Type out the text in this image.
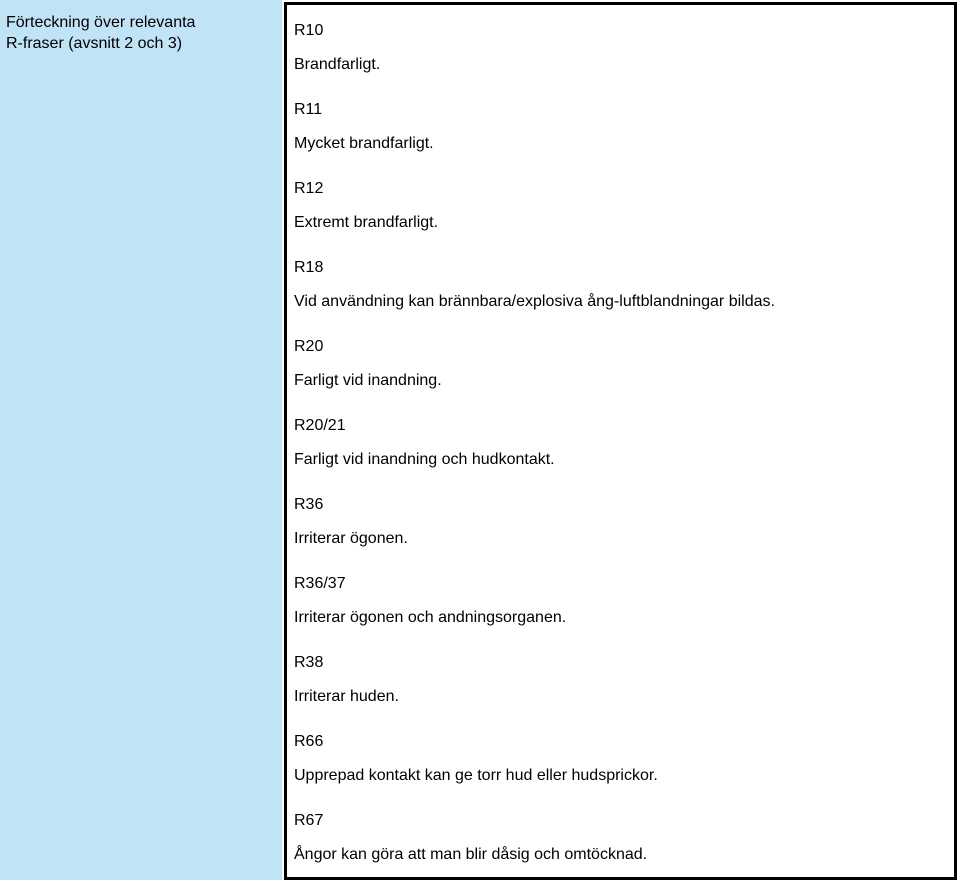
Förteckning över relevanta
R-fraser (avsnitt 2 och 3)
R10
Brandfarligt.
R11
Mycket brandfarligt.
R12
Extremt brandfarligt.
R18
Vid användning kan brännbara/explosiva ång-luftblandningar bildas.
R20
Farligt vid inandning.
R20/21
Farligt vid inandning och hudkontakt.
R36
Irriterar ögonen.
R36/37
Irriterar ögonen och andningsorganen.
R38
Irriterar huden.
R66
Upprepad kontakt kan ge torr hud eller hudsprickor.
R67
Ångor kan göra att man blir dåsig och omtöcknad.
